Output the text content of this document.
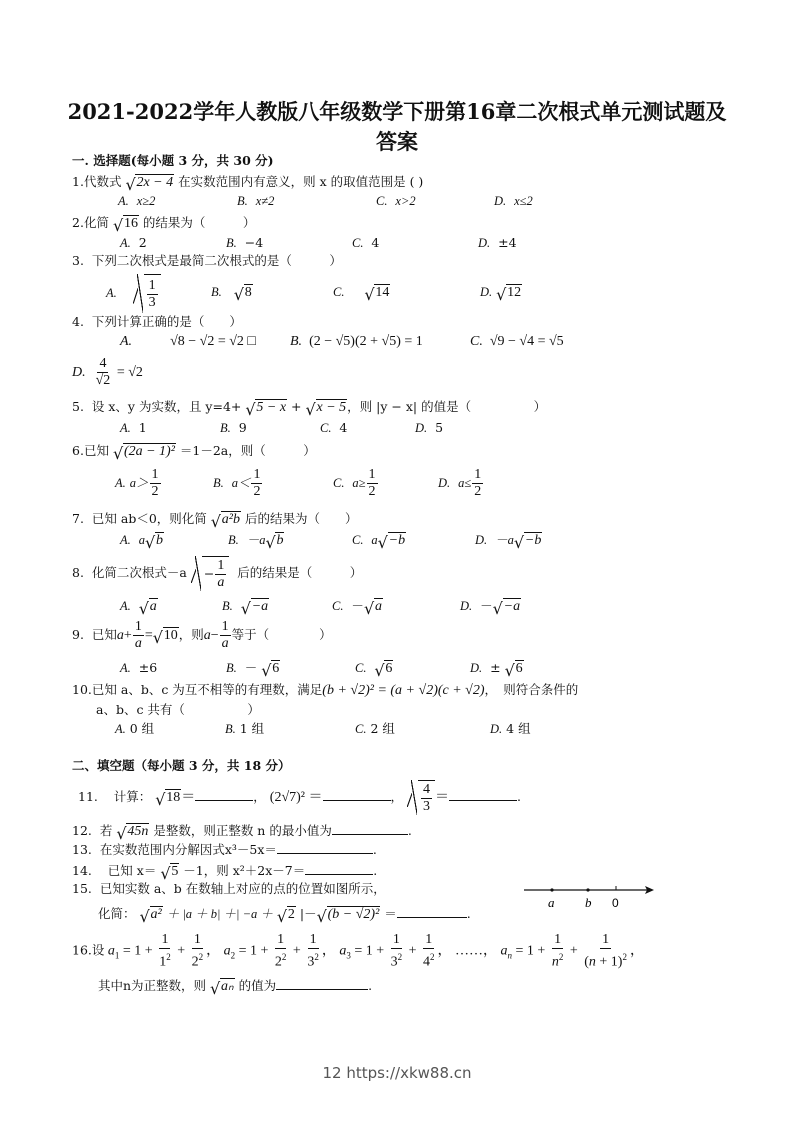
2021-2022学年人教版八年级数学下册第16章二次根式单元测试题及
答案
一. 选择题(每小题 3 分，共 30 分)
1.代数式 √ 2x − 4 在实数范围内有意义，则 x 的取值范围是 ( )
A. x≥2	B. x≠2	C. x>2	D. x≤2
2.化简 √ 16 的结果为（　　　）
A. 2	B. −4	C. 4	D. ±4
3. 下列二次根式是最简二次根式的是（　　　）
A. $\frac{1}{3}$	B. √ 8	C. √ 14	D. √ 12
4. 下列计算正确的是（　　）
A.	√8 − √2 = √2 □ B. (2 − √5)(2 + √5) = 1	C. √9 − √4 = √5
D. $\frac{4}{√2} = √2$
5. 设 x、y 为实数，且 y=4+ √ 5 − x + √ x − 5，则 |y − x| 的值是（　　　　　）
A. 1	B. 9	C. 4	D. 5
6.已知 √ (2a − 1)² ＝1－2a，则（　　　）
A. $a> \frac{1}{2}$	B. $a< \frac{1}{2}$	C. $a\ge \frac{1}{2}$	D. $a\le \frac{1}{2}$
7. 已知 ab＜0，则化简 √ a²b 后的结果为（　　）
A. a √ b	B. －a √ b	C. a √ −b	D. －a √ −b
8. 化简二次根式$-a - \frac{1}{a}$ 后的结果是（　　　）
A. √ a	B. √ −a	C. － √ a	D. － √ −a
9. 已知$a+ \frac{1}{a}$ = √ 10，则$a- \frac{1}{a}$ 等于（　　　　）
A. ±6	B. － √ 6	C. √ 6	D. ± √ 6
10.已知 a、b、c 为互不相等的有理数，满足(b + √2)² = (a + √2)(c + √2)，　则符合条件的
a、b、c 共有（　　　　　）
A. 0 组	B. 1 组	C. 2 组	D. 4 组
二、填空题（每小题 3 分，共 18 分）
11. 计算： √ 18＝	， (2√7)² ＝	， $\frac{4}{3}$ ＝	.
12. 若 √ 45n 是整数，则正整数 n 的最小值为	.
13. 在实数范围内分解因式x³－5x＝	.
14. 已知 x＝ √ 5 －1，则 x²＋2x－7＝	.
15. 已知实数 a、b 在数轴上对应的点的位置如图所示，
化简： √ a² ＋ |a ＋ b| ＋| −a ＋ √ 2 |－ √ (b − √2)² ＝	.
a b 0
16.设 $a_1 = 1 + \frac{1}{1^2} + \frac{1}{2^2}$ ， $a_2 = 1 + \frac{1}{2^2} + \frac{1}{3^2}$ ， $a_3 = 1 + \frac{1}{3^2} + \frac{1}{4^2}$ ， ……， $a_n = 1 + \frac{1}{n^2} + \frac{1}{(n + 1)^2}$ ，
其中n为正整数，则 √ aₙ 的值为	.
12 https://xkw88.cn
